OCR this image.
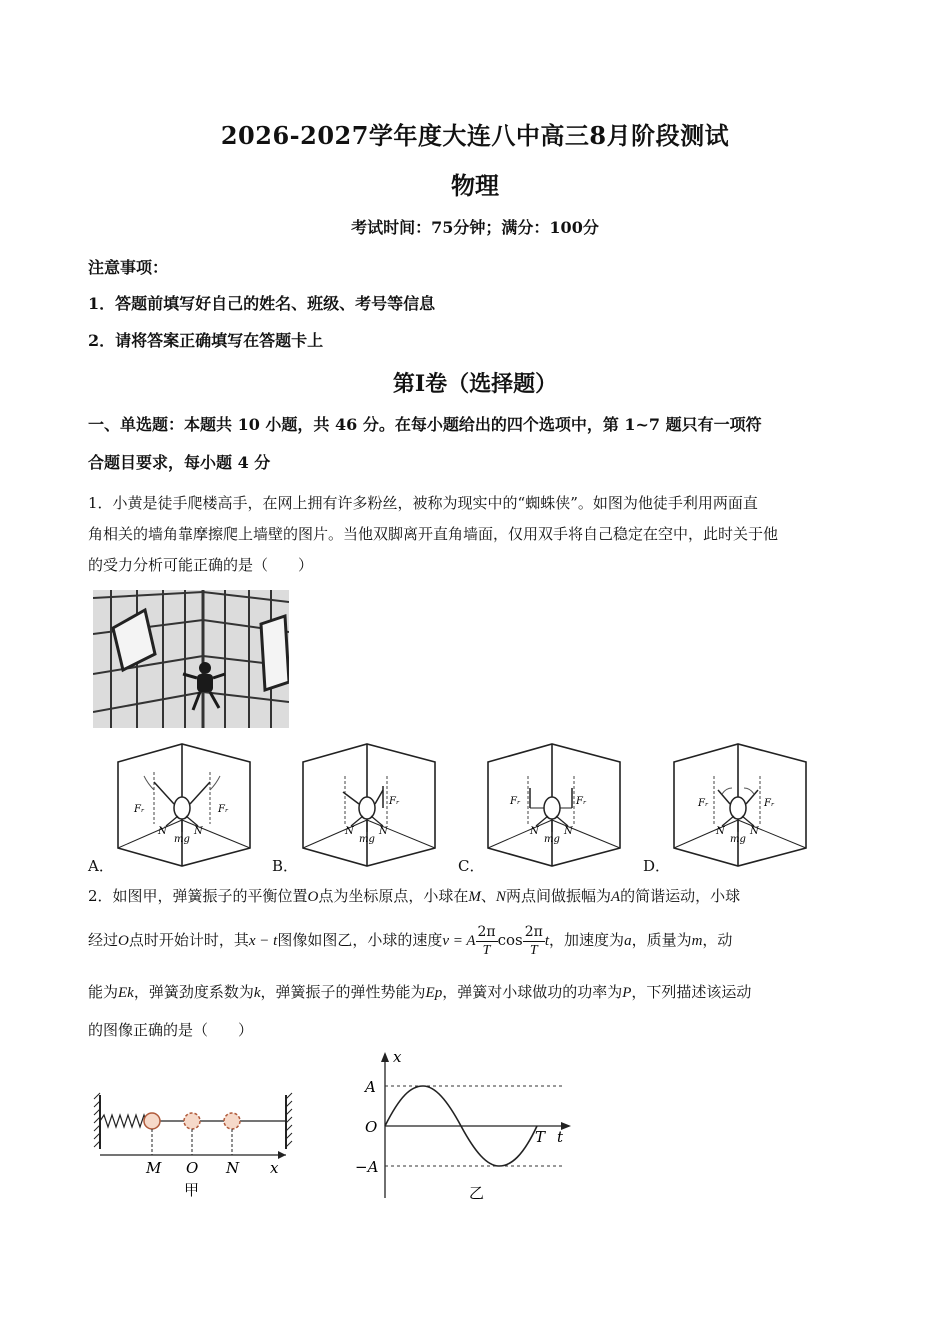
2026-2027学年度大连八中高三8月阶段测试
物理
考试时间：75分钟；满分：100分
注意事项：
1．答题前填写好自己的姓名、班级、考号等信息
2．请将答案正确填写在答题卡上
第I卷（选择题）
一、单选题：本题共 10 小题，共 46 分。在每小题给出的四个选项中，第 1~7 题只有一项符
合题目要求，每小题 4 分
1．小黄是徒手爬楼高手，在网上拥有许多粉丝，被称为现实中的“蜘蛛侠”。如图为他徒手利用两面直
角相关的墙角靠摩擦爬上墙壁的图片。当他双脚离开直角墙面，仅用双手将自己稳定在空中，此时关于他
的受力分析可能正确的是（　　）
Fᵣ	Fᵣ
N	N
mg
Fᵣ
N	N
mg
Fᵣ	Fᵣ
N	N
mg
Fᵣ	Fᵣ
N	N
mg
A．	B．	C．	D．
2．如图甲，弹簧振子的平衡位置O点为坐标原点，小球在M、N两点间做振幅为A的简谐运动，小球
经过O点时开始计时，其x − t图像如图乙，小球的速度v = A $\frac{2\pi}{T}$ $\cos \frac{2\pi}{T}$ t，加速度为a，质量为m，动
能为Ek，弹簧劲度系数为k，弹簧振子的弹性势能为Ep，弹簧对小球做功的功率为P，下列描述该运动
的图像正确的是（　　）
M O N x
甲
A
O
−A
x
T t
乙
